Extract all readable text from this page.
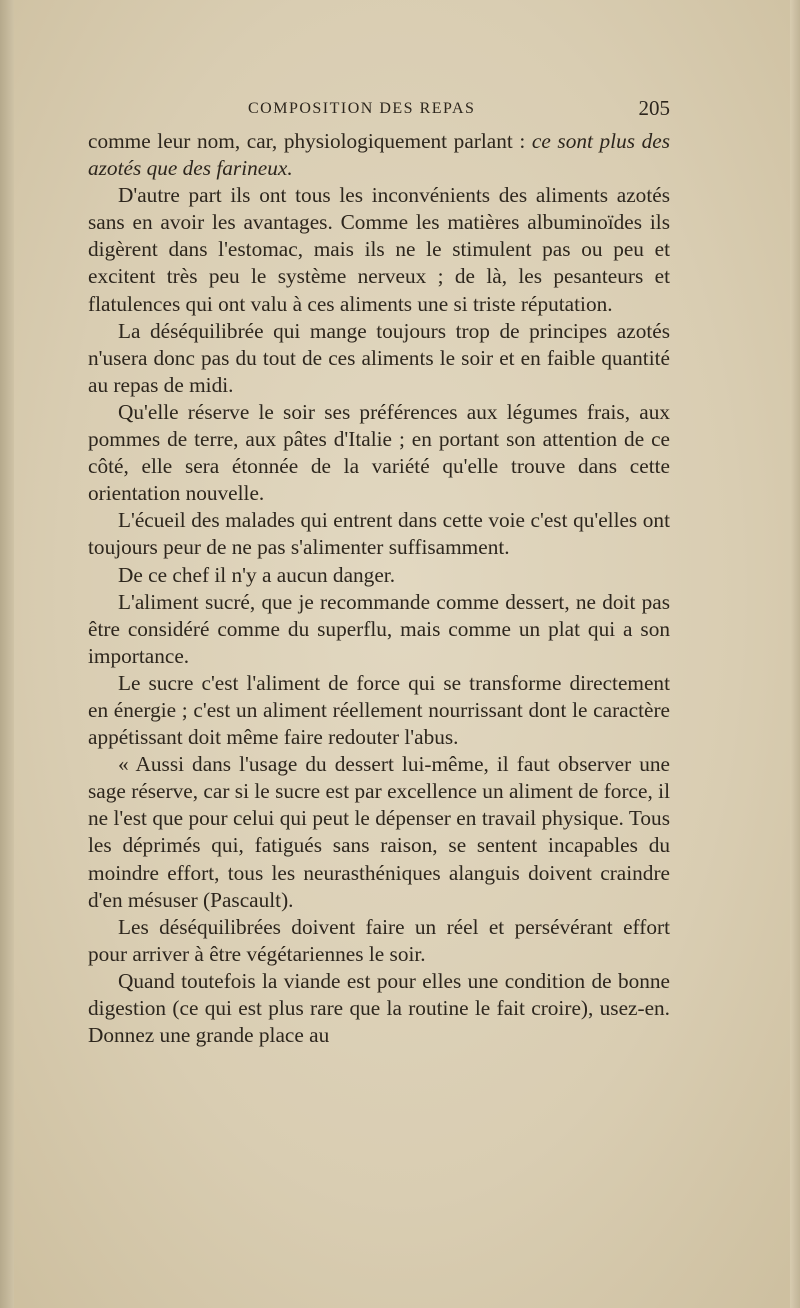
COMPOSITION DES REPAS	205

comme leur nom, car, physiologiquement parlant : ce sont plus des azotés que des farineux.

D'autre part ils ont tous les inconvénients des aliments azotés sans en avoir les avantages. Comme les matières albuminoïdes ils digèrent dans l'estomac, mais ils ne le stimulent pas ou peu et excitent très peu le système nerveux ; de là, les pesanteurs et flatulences qui ont valu à ces aliments une si triste réputation.

La déséquilibrée qui mange toujours trop de principes azotés n'usera donc pas du tout de ces aliments le soir et en faible quantité au repas de midi.

Qu'elle réserve le soir ses préférences aux légumes frais, aux pommes de terre, aux pâtes d'Italie ; en portant son attention de ce côté, elle sera étonnée de la variété qu'elle trouve dans cette orientation nouvelle.

L'écueil des malades qui entrent dans cette voie c'est qu'elles ont toujours peur de ne pas s'alimenter suffisamment.

De ce chef il n'y a aucun danger.

L'aliment sucré, que je recommande comme dessert, ne doit pas être considéré comme du superflu, mais comme un plat qui a son importance.

Le sucre c'est l'aliment de force qui se transforme directement en énergie ; c'est un aliment réellement nourrissant dont le caractère appétissant doit même faire redouter l'abus.

« Aussi dans l'usage du dessert lui-même, il faut observer une sage réserve, car si le sucre est par excellence un aliment de force, il ne l'est que pour celui qui peut le dépenser en travail physique. Tous les déprimés qui, fatigués sans raison, se sentent incapables du moindre effort, tous les neurasthéniques alanguis doivent craindre d'en mésuser (Pascault).

Les déséquilibrées doivent faire un réel et persévérant effort pour arriver à être végétariennes le soir.

Quand toutefois la viande est pour elles une condition de bonne digestion (ce qui est plus rare que la routine le fait croire), usez-en. Donnez une grande place au
